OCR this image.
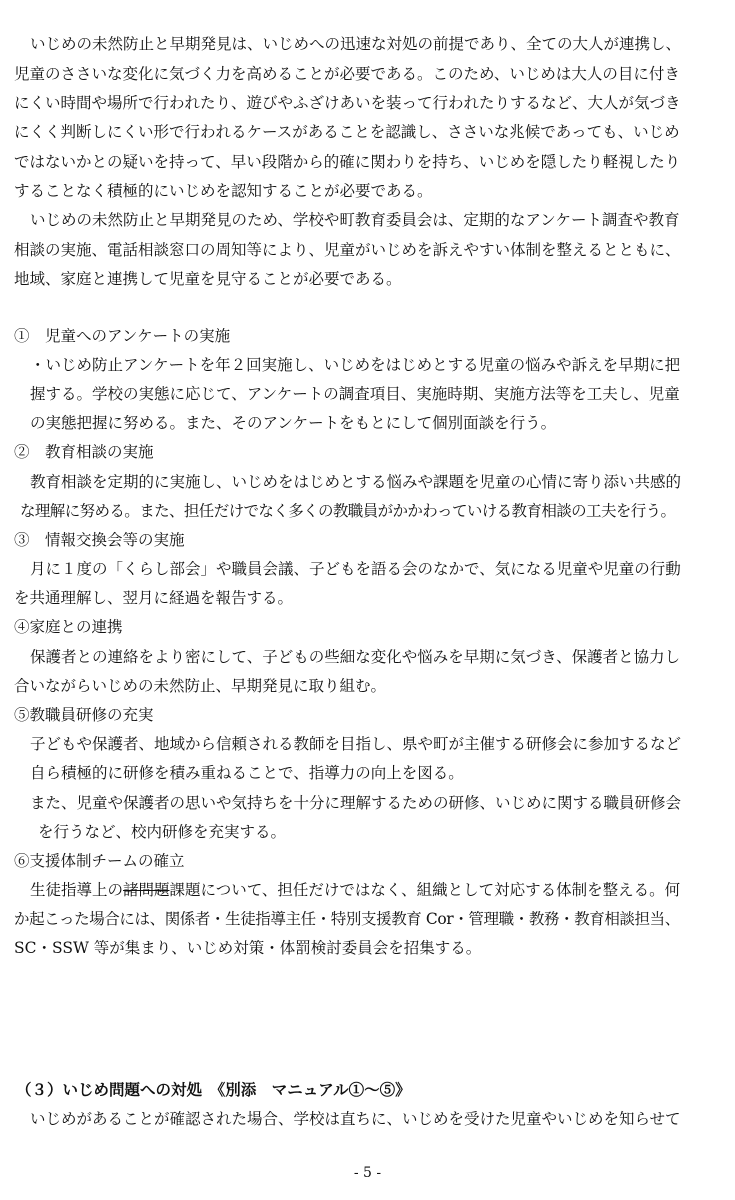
いじめの未然防止と早期発見は、いじめへの迅速な対処の前提であり、全ての大人が連携し、
児童のささいな変化に気づく力を高めることが必要である。このため、いじめは大人の目に付き
にくい時間や場所で行われたり、遊びやふざけあいを装って行われたりするなど、大人が気づき
にくく判断しにくい形で行われるケースがあることを認識し、ささいな兆候であっても、いじめ
ではないかとの疑いを持って、早い段階から的確に関わりを持ち、いじめを隠したり軽視したり
することなく積極的にいじめを認知することが必要である。
いじめの未然防止と早期発見のため、学校や町教育委員会は、定期的なアンケート調査や教育
相談の実施、電話相談窓口の周知等により、児童がいじめを訴えやすい体制を整えるとともに、
地域、家庭と連携して児童を見守ることが必要である。
①　児童へのアンケートの実施
・いじめ防止アンケートを年２回実施し、いじめをはじめとする児童の悩みや訴えを早期に把
握する。学校の実態に応じて、アンケートの調査項目、実施時期、実施方法等を工夫し、児童
の実態把握に努める。また、そのアンケートをもとにして個別面談を行う。
②　教育相談の実施
教育相談を定期的に実施し、いじめをはじめとする悩みや課題を児童の心情に寄り添い共感的
な理解に努める。また、担任だけでなく多くの教職員がかかわっていける教育相談の工夫を行う。
③　情報交換会等の実施
月に１度の「くらし部会」や職員会議、子どもを語る会のなかで、気になる児童や児童の行動
を共通理解し、翌月に経過を報告する。
④家庭との連携
保護者との連絡をより密にして、子どもの些細な変化や悩みを早期に気づき、保護者と協力し
合いながらいじめの未然防止、早期発見に取り組む。
⑤教職員研修の充実
子どもや保護者、地域から信頼される教師を目指し、県や町が主催する研修会に参加するなど
自ら積極的に研修を積み重ねることで、指導力の向上を図る。
また、児童や保護者の思いや気持ちを十分に理解するための研修、いじめに関する職員研修会
を行うなど、校内研修を充実する。
⑥支援体制チームの確立
生徒指導上の諸問題課題について、担任だけではなく、組織として対応する体制を整える。何
か起こった場合には、関係者・生徒指導主任・特別支援教育 Cor・管理職・教務・教育相談担当、
SC・SSW 等が集まり、いじめ対策・体罰検討委員会を招集する。
（３）いじめ問題への対処　《別添　マニュアル①～⑤》
いじめがあることが確認された場合、学校は直ちに、いじめを受けた児童やいじめを知らせて
- 5 -
